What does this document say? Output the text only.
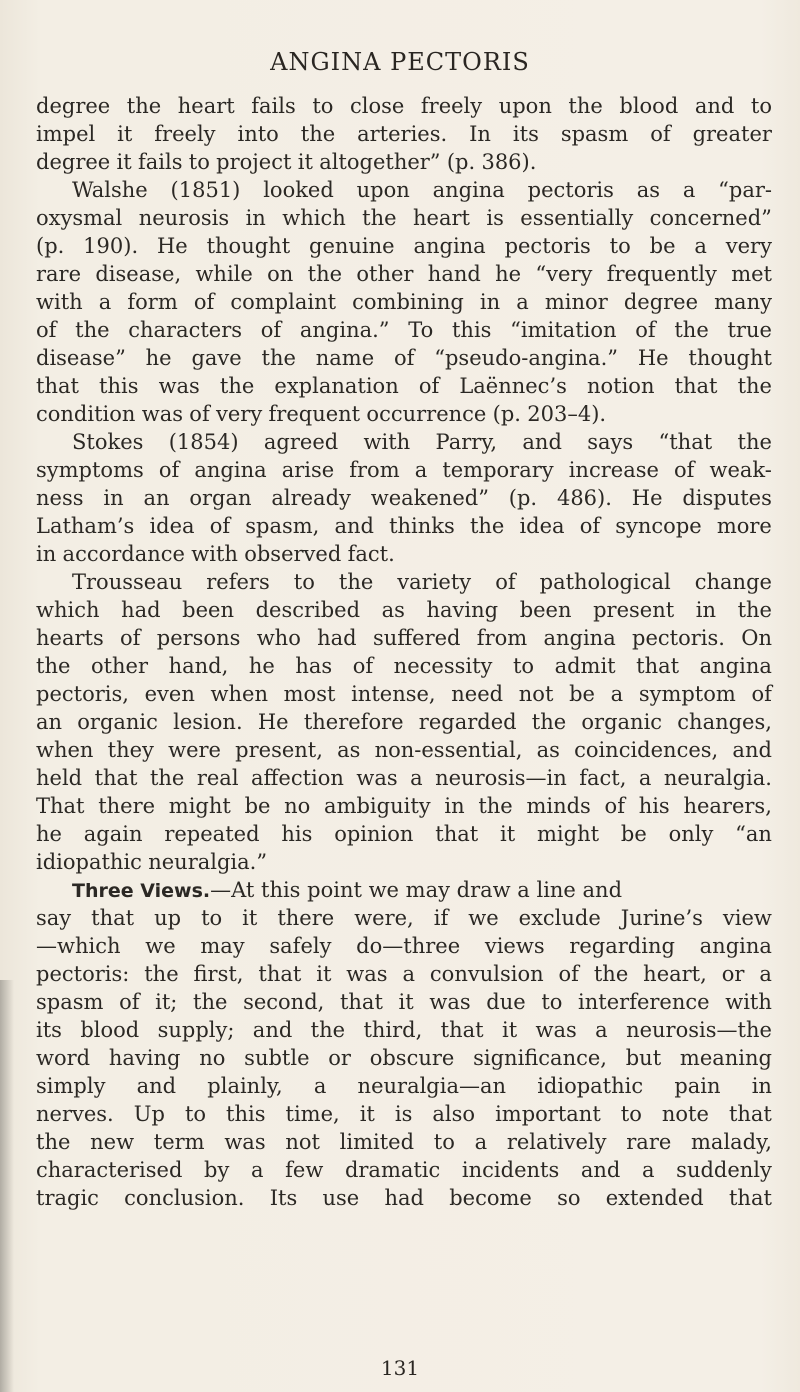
ANGINA PECTORIS
degree the heart fails to close freely upon the blood and to
impel it freely into the arteries. In its spasm of greater
degree it fails to project it altogether” (p. 386).
Walshe (1851) looked upon angina pectoris as a “par-
oxysmal neurosis in which the heart is essentially concerned”
(p. 190). He thought genuine angina pectoris to be a very
rare disease, while on the other hand he “very frequently met
with a form of complaint combining in a minor degree many
of the characters of angina.” To this “imitation of the true
disease” he gave the name of “pseudo-angina.” He thought
that this was the explanation of Laënnec’s notion that the
condition was of very frequent occurrence (p. 203–4).
Stokes (1854) agreed with Parry, and says “that the
symptoms of angina arise from a temporary increase of weak-
ness in an organ already weakened” (p. 486). He disputes
Latham’s idea of spasm, and thinks the idea of syncope more
in accordance with observed fact.
Trousseau refers to the variety of pathological change
which had been described as having been present in the
hearts of persons who had suffered from angina pectoris. On
the other hand, he has of necessity to admit that angina
pectoris, even when most intense, need not be a symptom of
an organic lesion. He therefore regarded the organic changes,
when they were present, as non-essential, as coincidences, and
held that the real affection was a neurosis—in fact, a neuralgia.
That there might be no ambiguity in the minds of his hearers,
he again repeated his opinion that it might be only “an
idiopathic neuralgia.”
Three Views.—At this point we may draw a line and
say that up to it there were, if we exclude Jurine’s view
—which we may safely do—three views regarding angina
pectoris: the first, that it was a convulsion of the heart, or a
spasm of it; the second, that it was due to interference with
its blood supply; and the third, that it was a neurosis—the
word having no subtle or obscure significance, but meaning
simply and plainly, a neuralgia—an idiopathic pain in
nerves. Up to this time, it is also important to note that
the new term was not limited to a relatively rare malady,
characterised by a few dramatic incidents and a suddenly
tragic conclusion. Its use had become so extended that
131
